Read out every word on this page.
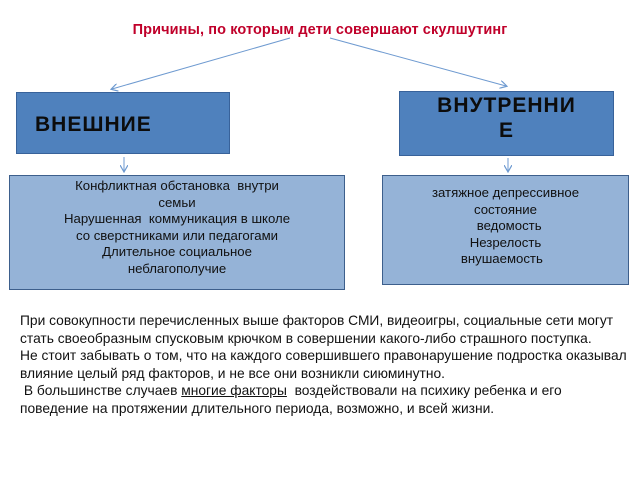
Причины, по которым дети совершают скулшутинг
ВНЕШНИЕ
ВНУТРЕННИ
Е
Конфликтная обстановка  внутри
семьи
Нарушенная  коммуникация в школе
со сверстниками или педагогами
Длительное социальное
неблагополучие
затяжное депрессивное
состояние
ведомость
Незрелость
внушаемость

При совокупности перечисленных выше факторов СМИ, видеоигры, социальные сети могут стать своеобразным спусковым крючком в совершении какого-либо страшного поступка.

Не стоит забывать о том, что на каждого совершившего правонарушение подростка оказывал влияние целый ряд факторов, и не все они возникли сиюминутно.

В большинстве случаев многие факторы  воздействовали на психику ребенка и его поведение на протяжении длительного периода, возможно, и всей жизни.
